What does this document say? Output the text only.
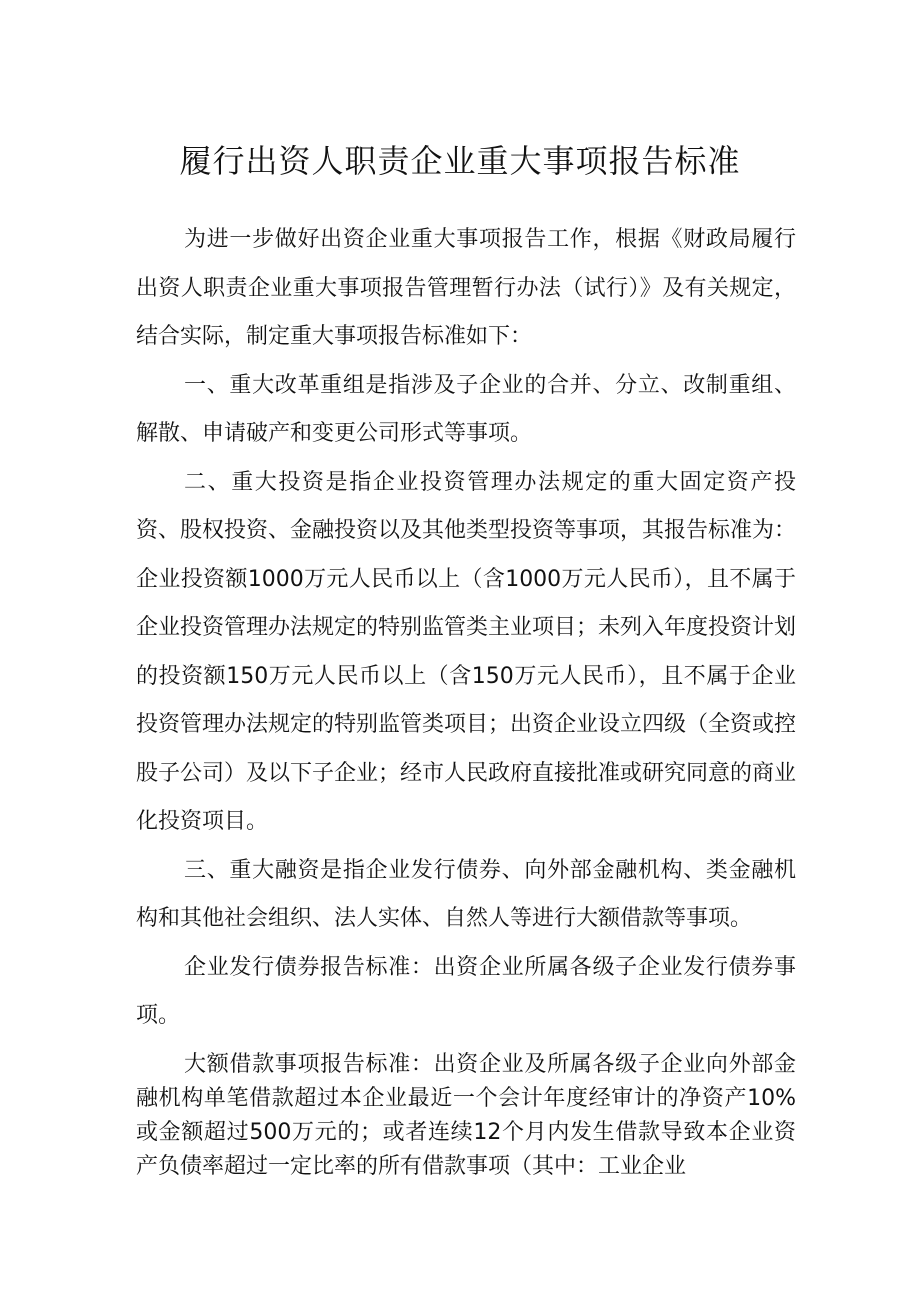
履行出资人职责企业重大事项报告标准

为进一步做好出资企业重大事项报告工作，根据《财政局履行出资人职责企业重大事项报告管理暂行办法（试行）》及有关规定，结合实际，制定重大事项报告标准如下：

一、重大改革重组是指涉及子企业的合并、分立、改制重组、解散、申请破产和变更公司形式等事项。

二、重大投资是指企业投资管理办法规定的重大固定资产投资、股权投资、金融投资以及其他类型投资等事项，其报告标准为：企业投资额1000万元人民币以上（含1000万元人民币），且不属于企业投资管理办法规定的特别监管类主业项目；未列入年度投资计划的投资额150万元人民币以上（含150万元人民币），且不属于企业投资管理办法规定的特别监管类项目；出资企业设立四级（全资或控股子公司）及以下子企业；经市人民政府直接批准或研究同意的商业化投资项目。

三、重大融资是指企业发行债券、向外部金融机构、类金融机构和其他社会组织、法人实体、自然人等进行大额借款等事项。

企业发行债券报告标准：出资企业所属各级子企业发行债券事项。

大额借款事项报告标准：出资企业及所属各级子企业向外部金融机构单笔借款超过本企业最近一个会计年度经审计的净资产10%或金额超过500万元的；或者连续12个月内发生借款导致本企业资产负债率超过一定比率的所有借款事项（其中：工业企业
